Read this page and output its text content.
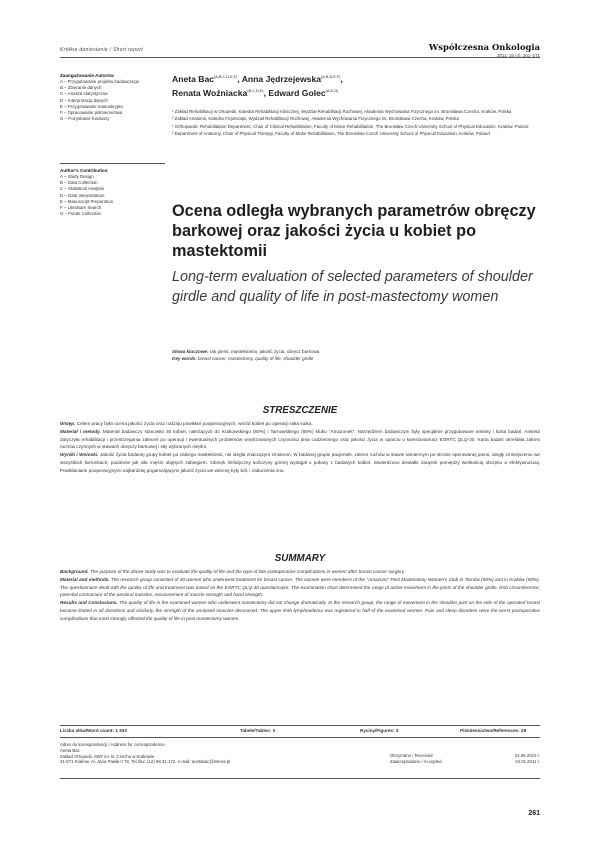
Krótkie doniesienie / Short report	Współczesna Onkologia
2011; 15 (4): 261–271
Zaangażowanie Autorów
A – Przygotowanie projektu badawczego
B – Zbieranie danych
C – Analiza statystyczna
D – Interpretacja danych
E – Przygotowanie manuskryptu
F – Opracowanie piśmiennictwa
G – Pozyskanie funduszy
Author's Contribution
A – Study Design
B – Data Collection
C – Statistical Analysis
D – Data Interpretation
E – Manuscript Preparation
F – Literature Search
G – Funds Collection
Aneta Bac$^{(A,B,C,D,E,F)}$, Anna Jędrzejewska$^{(A,B,D,E,F)}$,
Renata Woźniacka$^{(B,C,D,E)}$, Edward Golec$^{(A,E,G)}$

¹ Zakład Rehabilitacji w Ortopedii, Katedra Rehabilitacji Klinicznej, Wydział Rehabilitacji Ruchowej, Akademia Wychowania Fizycznego im. Bronisława Czecha, Kraków, Polska

² Zakład Anatomii, Katedra Fizjoterapii, Wydział Rehabilitacji Ruchowej, Akademia Wychowania Fizycznego im. Bronisława Czecha, Kraków, Polska

¹ Orthopaedic Rehabilitation Department, Chair of Clinical Rehabilitation, Faculty of Motor Rehabilitation, The Bronisław Czech University School of Physical Education, Kraków, Poland

² Department of Anatomy, Chair of Physical Therapy, Faculty of Motor Rehabilitation, The Bronisław Czech University School of Physical Education, Kraków, Poland

Ocena odległa wybranych parametrów obręczy barkowej oraz jakości życia u kobiet po mastektomii
Long-term evaluation of selected parameters of shoulder girdle and quality of life in post-mastectomy women
Słowa kluczowe: rak piersi, mastektomia, jakość życia, obręcz barkowa
Key words: breast cancer, mastectomy, quality of life, shoulder girdle
STRESZCZENIE

Wstęp. Celem pracy była ocena jakości życia oraz rodzaju powikłań pooperacyjnych, wśród kobiet po operacji raka sutka.

Materiał i metody. Materiał badawczy stanowiło 30 kobiet, należących do Krakowskiego (50%) i Tarnowskiego (50%) klubu "Amazonek". Narzędziem badawczym były specjalnie przygotowane ankiety i karta badań. Ankieta dotyczyła rehabilitacji i przestrzegania zaleceń po operacji i ewentualnych problemów wnętrzowanych czynności dnia codziennego oraz jakości życia w oparciu o kwestionariusz EORTC QLQ-30. Karta badań określała zakres ruchów czynnych w stawach obręczy barkowej i siły wybranych mięśni.

Wyniki i Wnioski. Jakość życia badanej grupy kobiet po zabiegu mastektomii, nie uległa znaczącym zmianom. W badanej grupie pacjentek, zakres ruchów w stawie ramiennym po stronie operowanej piersi, uległy zmniejszeniu we wszystkich kierunkach, podobnie jak siła mięśni objętych zabiegiem. Obrzęk limfatyczny kończyny górnej wystąpił u połowy z badanych kobiet. Stwierdzono dewiałki związek pomiędzy wielkością obrzęku a efektywnością. Powikłaniami pooperacyjnymi najbardziej pogarszającymi jakość życia we wtórnej były ból, i zaburzenia snu.

SUMMARY

Background. The purpose of the above study was to evaluate the quality of life and the type of late postoperative complications in women after breast cancer surgery.

Material and methods. The research group consisted of 30 women who underwent treatment for breast cancer. The women were members of the "Amazons" Post Mastectomy Women's Club in Tarnów (50%) and in Kraków (50%). The questionnaire dealt with the quality of life and treatment was based on the EORTC QLQ-30 questionnaire. The examination chart determined the range of active movement in the joints of the shoulder girdle, limb circumference, potential contracture of the pectoral muscles, measurement of muscle strength and hand strength.

Results and Conclusions. The quality of life in the examined women who underwent mastectomy did not change dramatically. In the research group, the range of movement in the shoulder joint on the side of the operated breast became limited in all directions and similarly, the strength of the analysed muscles decreased. The upper limb lymphoedema was registered in half of the examined women. Pain and sleep disorders were the worst postoperative complications that most strongly affected the quality of life in post-mastectomy women.

Liczba słów/Word count: 1 333	Tabele/Tables: 3	Ryciny/Figures: 3	Piśmiennictwo/References: 28
Adres do korespondencji / Address for correspondence
Aneta Bac
Zakład Ortopedii, AWF im. B. Czecha w Krakowie
31-571 Kraków, Al. Jana Pawła II 78, Tel./fax: (12) 68 31-172, e-mail: anetabac@interia.pl
Otrzymano / Received	24.06.2010 r.
Zaakceptowano / Accepted	04.01.2011 r.
261
